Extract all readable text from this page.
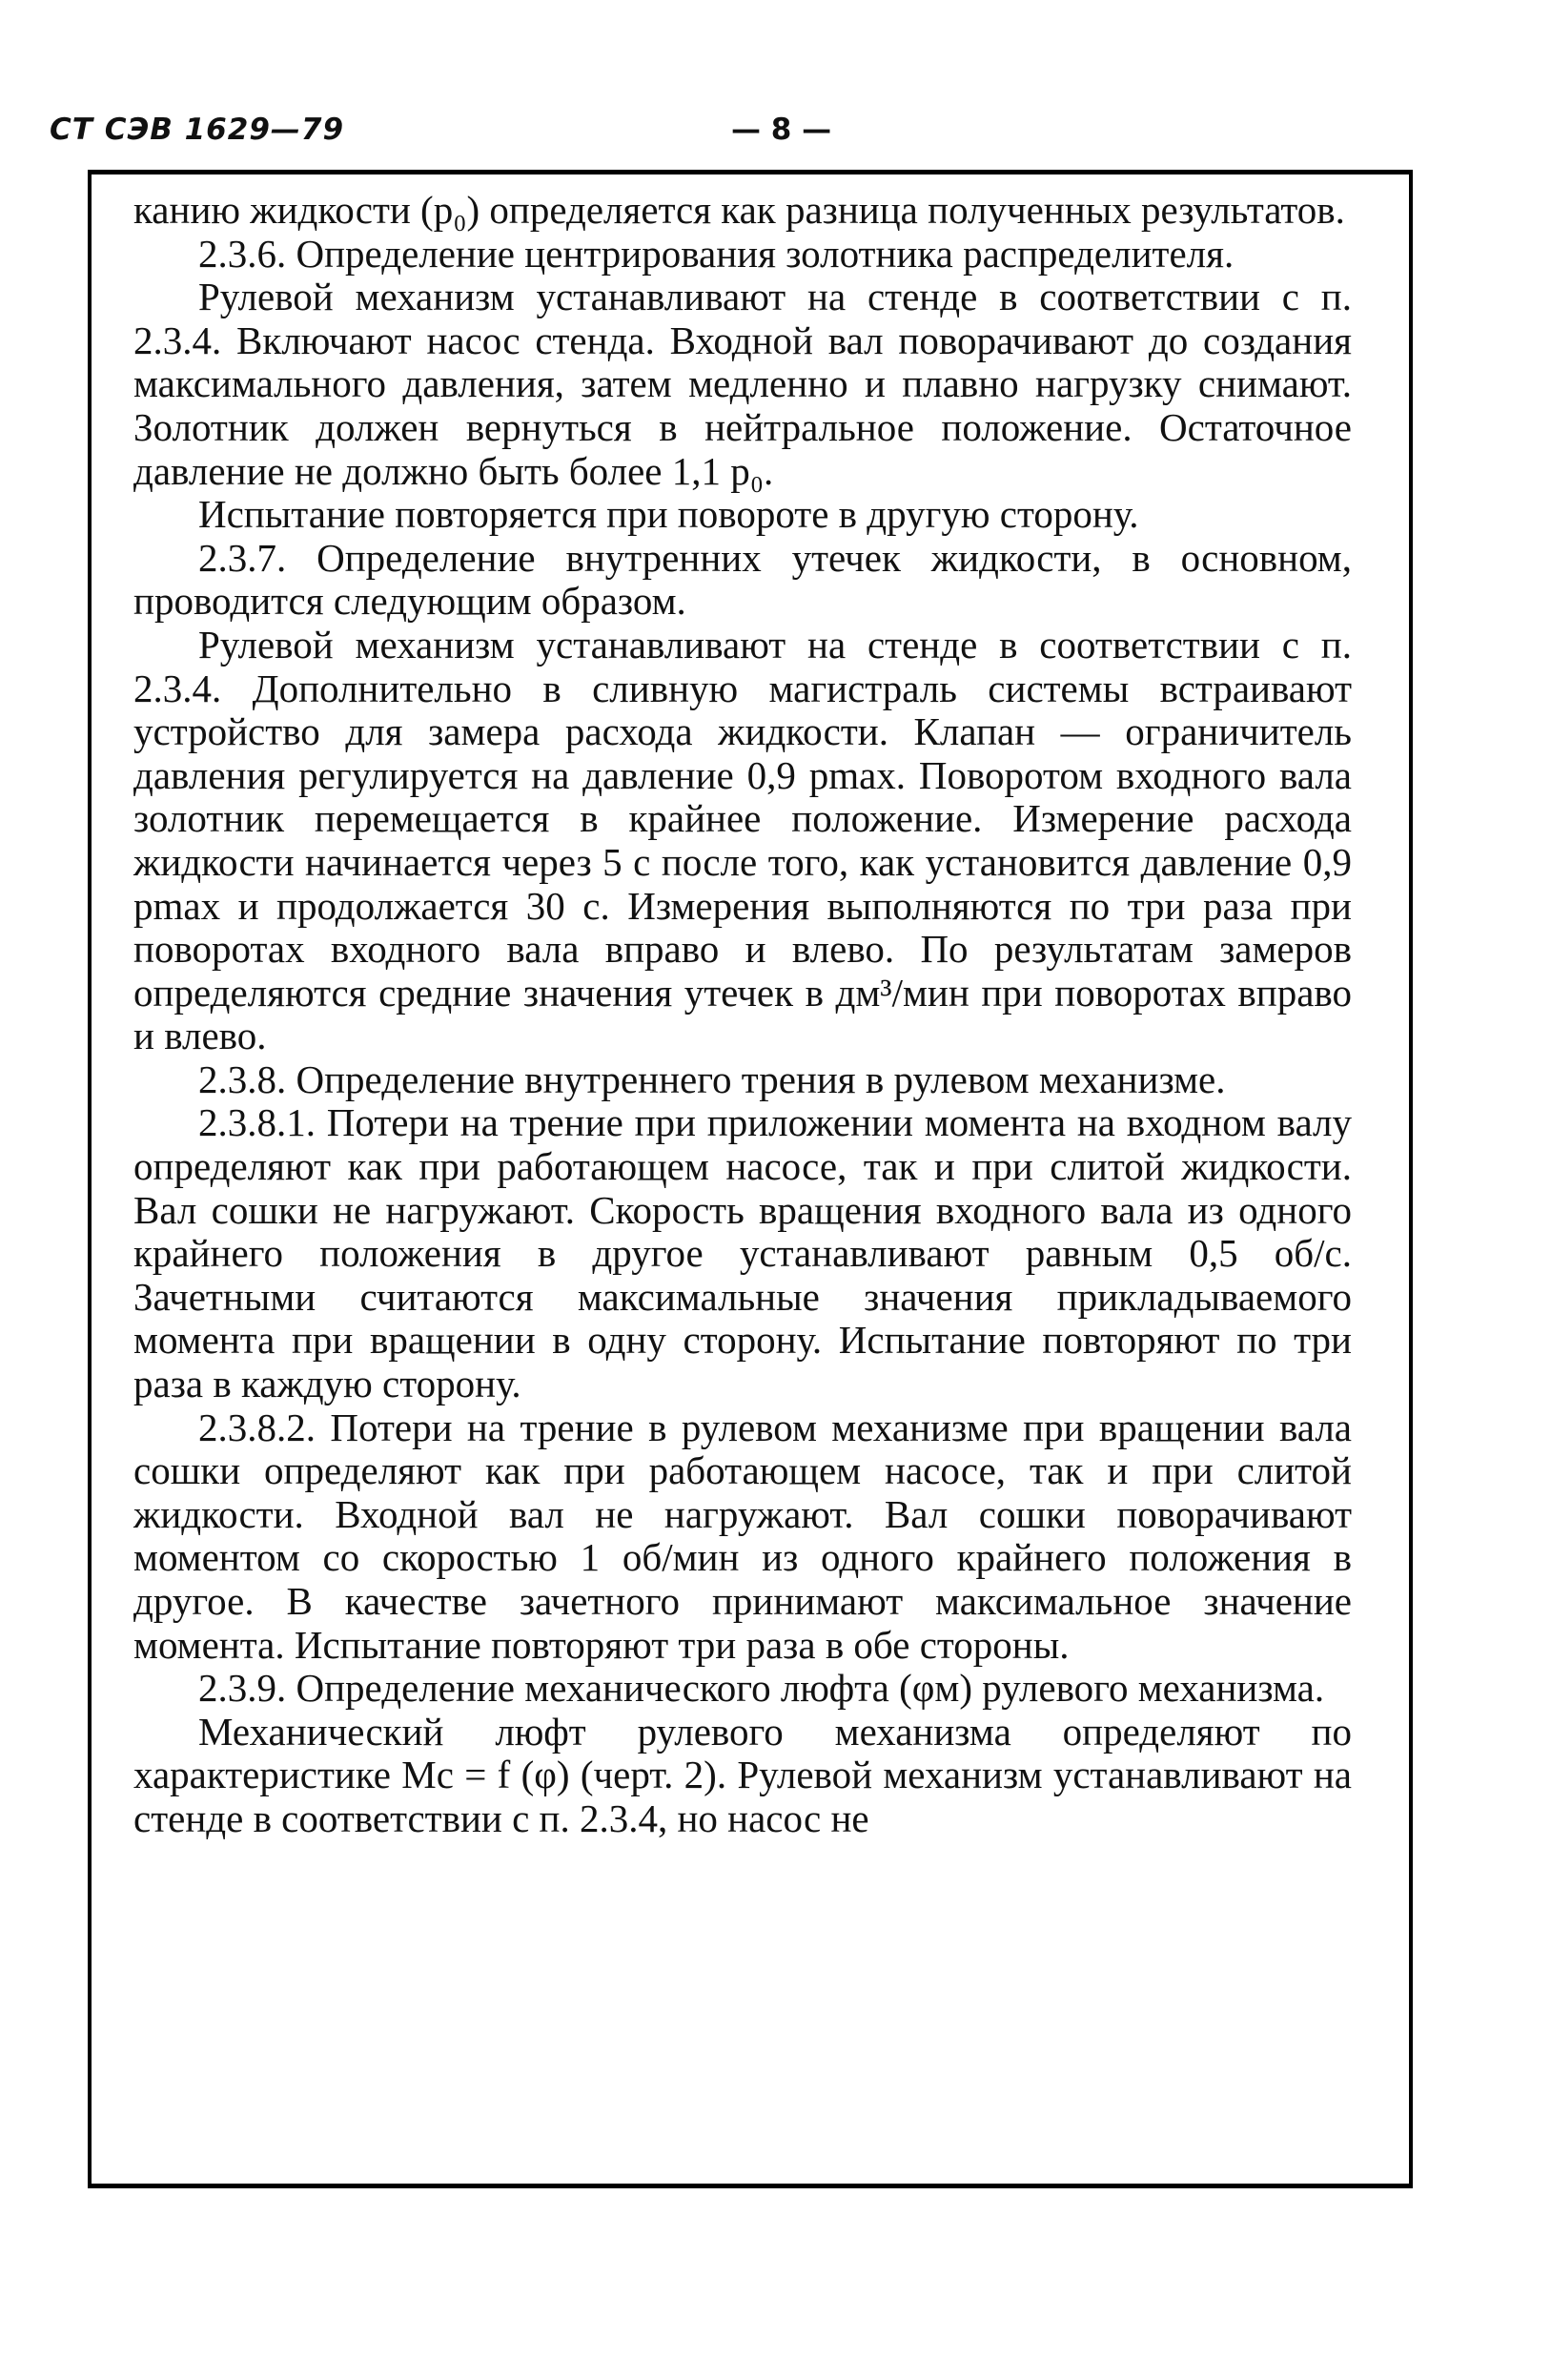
СТ СЭВ 1629—79	— 8 —

канию жидкости (p₀) определяется как разница полученных результатов.

2.3.6. Определение центрирования золотника распределителя.

Рулевой механизм устанавливают на стенде в соответствии с п. 2.3.4. Включают насос стенда. Входной вал поворачивают до создания максимального давления, затем медленно и плавно нагрузку снимают. Золотник должен вернуться в нейтральное положение. Остаточное давление не должно быть более 1,1 p₀.

Испытание повторяется при повороте в другую сторону.

2.3.7. Определение внутренних утечек жидкости, в основном, проводится следующим образом.

Рулевой механизм устанавливают на стенде в соответствии с п. 2.3.4. Дополнительно в сливную магистраль системы встраивают устройство для замера расхода жидкости. Клапан — ограничитель давления регулируется на давление 0,9 pmax. Поворотом входного вала золотник перемещается в крайнее положение. Измерение расхода жидкости начинается через 5 с после того, как установится давление 0,9 pmax и продолжается 30 с. Измерения выполняются по три раза при поворотах входного вала вправо и влево. По результатам замеров определяются средние значения утечек в дм³/мин при поворотах вправо и влево.

2.3.8. Определение внутреннего трения в рулевом механизме.

2.3.8.1. Потери на трение при приложении момента на входном валу определяют как при работающем насосе, так и при слитой жидкости. Вал сошки не нагружают. Скорость вращения входного вала из одного крайнего положения в другое устанавливают равным 0,5 об/с. Зачетными считаются максимальные значения прикладываемого момента при вращении в одну сторону. Испытание повторяют по три раза в каждую сторону.

2.3.8.2. Потери на трение в рулевом механизме при вращении вала сошки определяют как при работающем насосе, так и при слитой жидкости. Входной вал не нагружают. Вал сошки поворачивают моментом со скоростью 1 об/мин из одного крайнего положения в другое. В качестве зачетного принимают максимальное значение момента. Испытание повторяют три раза в обе стороны.

2.3.9. Определение механического люфта (φм) рулевого механизма.

Механический люфт рулевого механизма определяют по характеристике Mc = f (φ) (черт. 2). Рулевой механизм устанавливают на стенде в соответствии с п. 2.3.4, но насос не
